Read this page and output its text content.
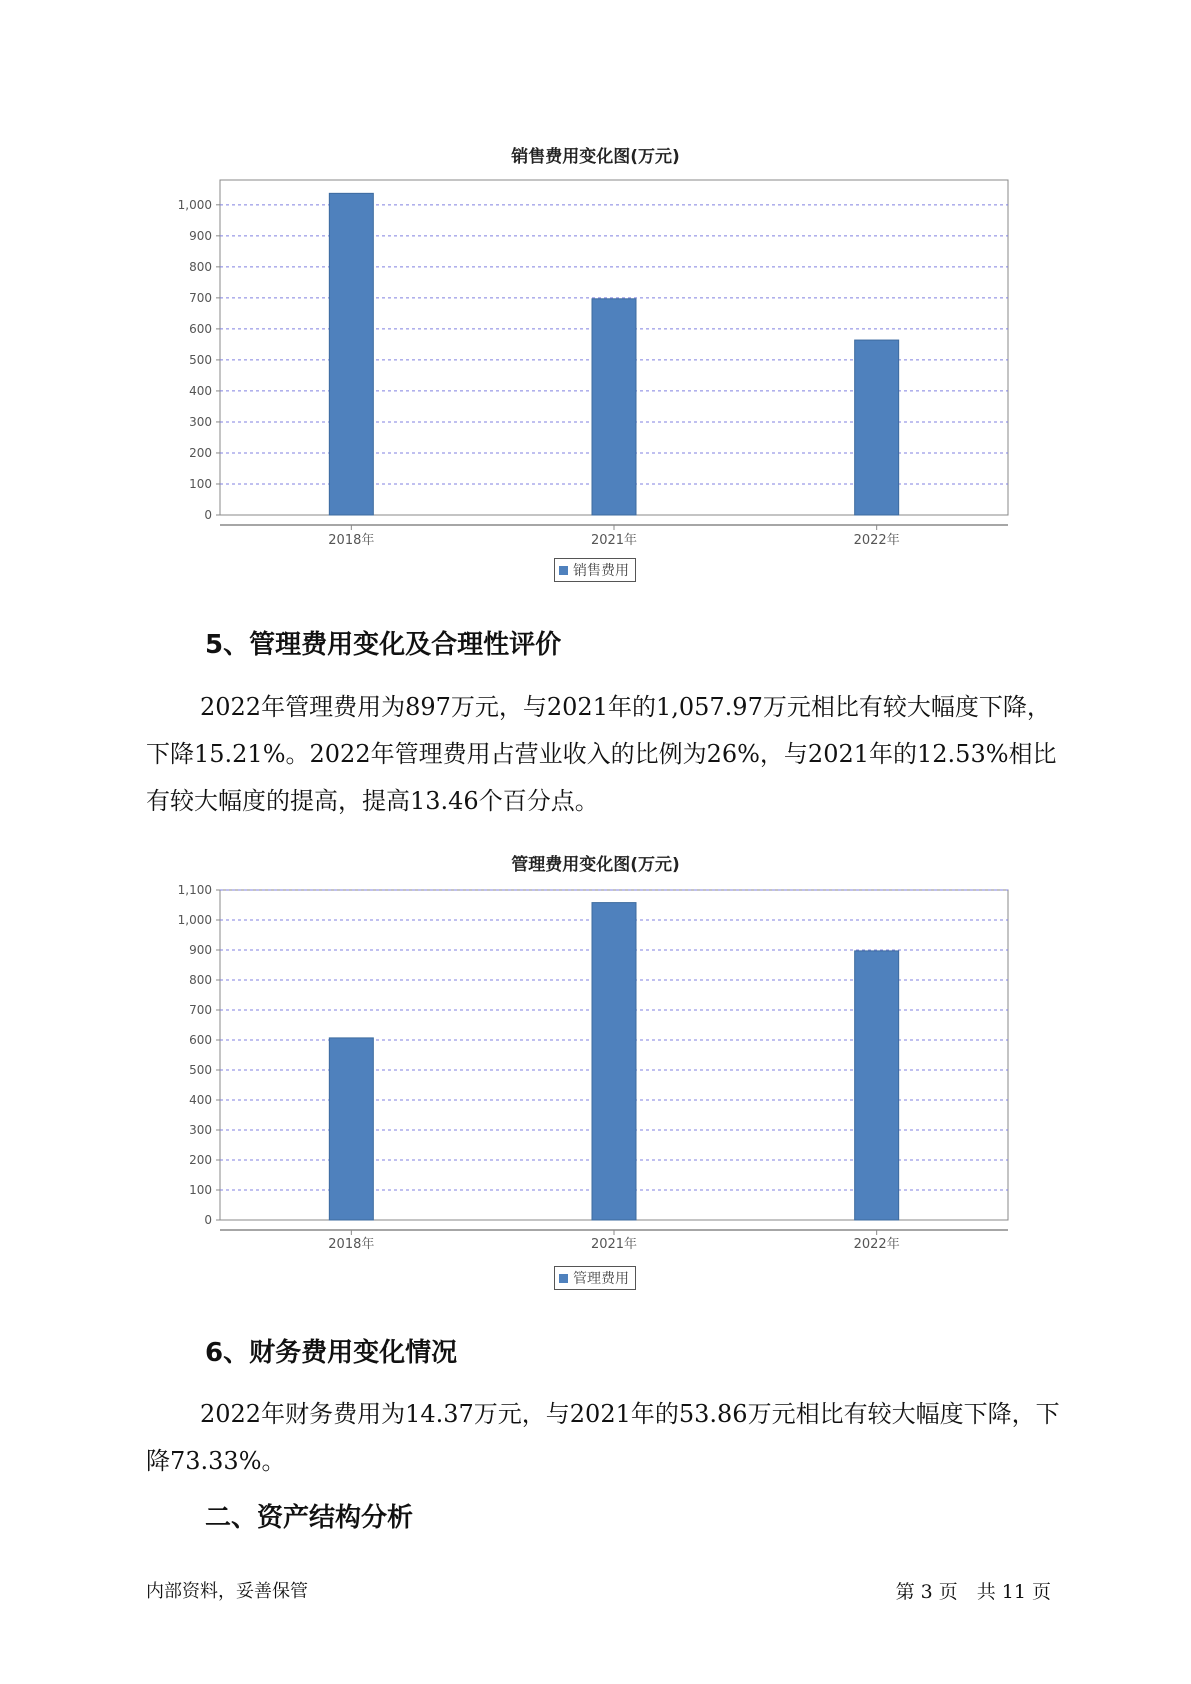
销售费用变化图(万元)
0
100
200
300
400
500
600
700
800
900
1,000
2018年	2021年	2022年
销售费用
5、管理费用变化及合理性评价

2022年管理费用为897万元，与2021年的1,057.97万元相比有较大幅度下降，下降15.21%。2022年管理费用占营业收入的比例为26%，与2021年的12.53%相比有较大幅度的提高，提高13.46个百分点。

管理费用变化图(万元)
0
100
200
300
400
500
600
700
800
900
1,000
1,100
2018年	2021年	2022年
管理费用
6、财务费用变化情况

2022年财务费用为14.37万元，与2021年的53.86万元相比有较大幅度下降，下降73.33%。

二、资产结构分析
内部资料，妥善保管	第 3 页　共 11 页
